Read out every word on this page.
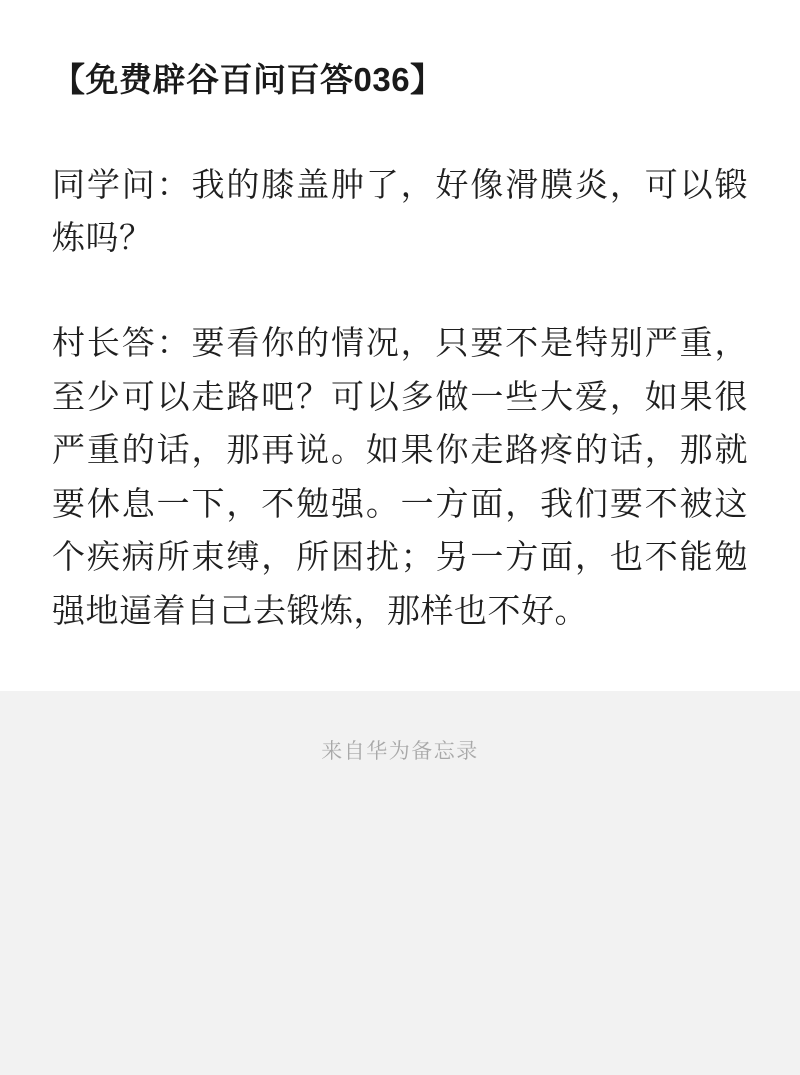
【免费辟谷百问百答036】

同学问：我的膝盖肿了，好像滑膜炎，可以锻炼吗？

村长答：要看你的情况，只要不是特别严重，至少可以走路吧？可以多做一些大爱，如果很严重的话，那再说。如果你走路疼的话，那就要休息一下，不勉强。一方面，我们要不被这个疾病所束缚，所困扰；另一方面，也不能勉强地逼着自己去锻炼，那样也不好。

来自华为备忘录
